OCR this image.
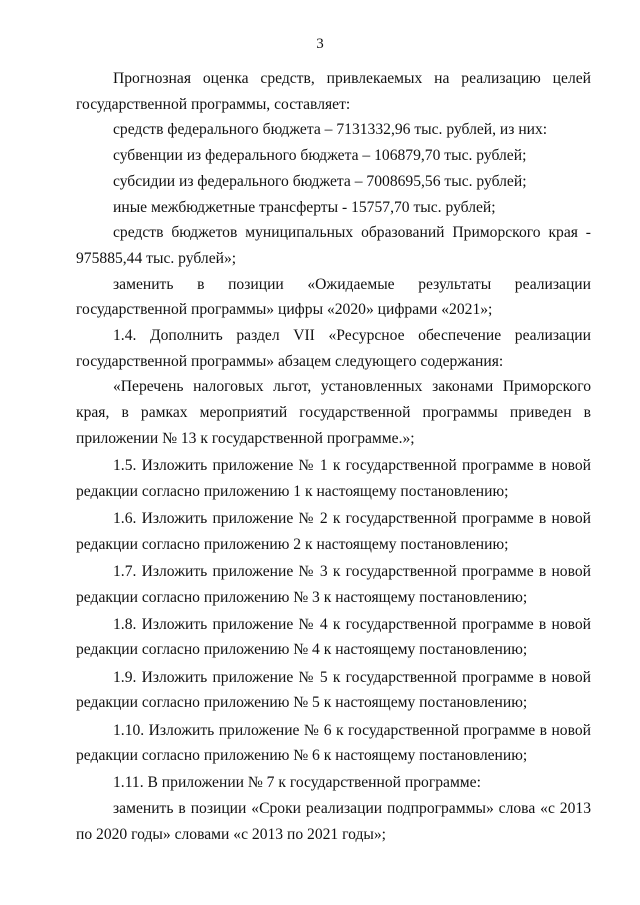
3

Прогнозная оценка средств, привлекаемых на реализацию целей государственной программы, составляет:

средств федерального бюджета – 7131332,96 тыс. рублей, из них:

субвенции из федерального бюджета – 106879,70 тыс. рублей;

субсидии из федерального бюджета – 7008695,56 тыс. рублей;

иные межбюджетные трансферты - 15757,70 тыс. рублей;

средств бюджетов муниципальных образований Приморского края - 975885,44 тыс. рублей»;

заменить в позиции «Ожидаемые результаты реализации государственной программы» цифры «2020» цифрами «2021»;

1.4. Дополнить раздел VII «Ресурсное обеспечение реализации государственной программы» абзацем следующего содержания:

«Перечень налоговых льгот, установленных законами Приморского края, в рамках мероприятий государственной программы приведен в приложении № 13 к государственной программе.»;

1.5. Изложить приложение № 1 к государственной программе в новой редакции согласно приложению 1 к настоящему постановлению;

1.6. Изложить приложение № 2 к государственной программе в новой редакции согласно приложению 2 к настоящему постановлению;

1.7. Изложить приложение № 3 к государственной программе в новой редакции согласно приложению № 3 к настоящему постановлению;

1.8. Изложить приложение № 4 к государственной программе в новой редакции согласно приложению № 4 к настоящему постановлению;

1.9. Изложить приложение № 5 к государственной программе в новой редакции согласно приложению № 5 к настоящему постановлению;

1.10. Изложить приложение № 6 к государственной программе в новой редакции согласно приложению № 6 к настоящему постановлению;

1.11. В приложении № 7 к государственной программе:

заменить в позиции «Сроки реализации подпрограммы» слова «с 2013 по 2020 годы» словами «с 2013 по 2021 годы»;
